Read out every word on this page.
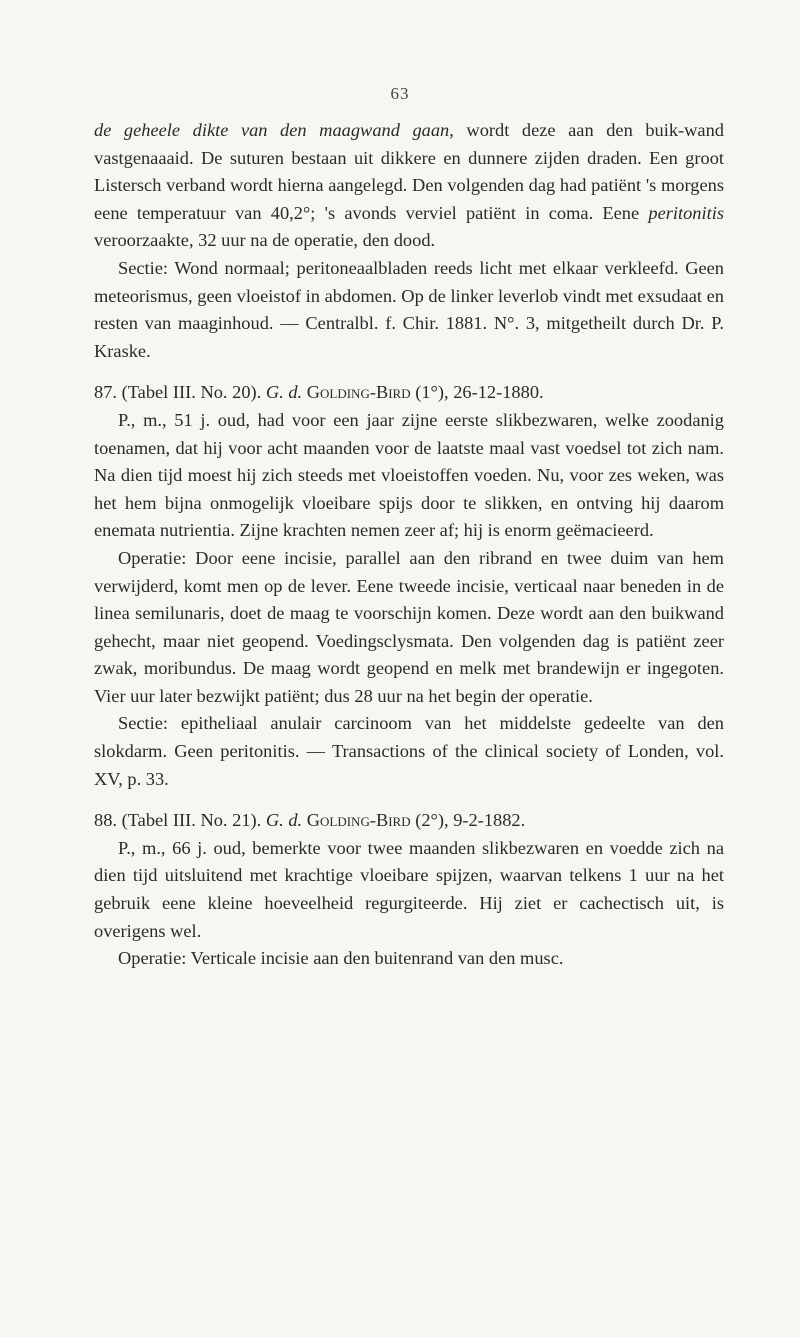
63

de geheele dikte van den maagwand gaan, wordt deze aan den buik-wand vastgenaaaid. De suturen bestaan uit dikkere en dunnere zijden draden. Een groot Listersch verband wordt hierna aangelegd. Den volgenden dag had patiënt 's morgens eene temperatuur van 40,2°; 's avonds verviel patiënt in coma. Eene peritonitis veroorzaakte, 32 uur na de operatie, den dood.

Sectie: Wond normaal; peritoneaalbladen reeds licht met elkaar verkleefd. Geen meteorismus, geen vloeistof in abdomen. Op de linker leverlob vindt met exsudaat en resten van maaginhoud. — Centralbl. f. Chir. 1881. N°. 3, mitgetheilt durch Dr. P. Kraske.

87. (Tabel III. No. 20). G. d. Golding-Bird (1°), 26-12-1880.

P., m., 51 j. oud, had voor een jaar zijne eerste slikbezwaren, welke zoodanig toenamen, dat hij voor acht maanden voor de laatste maal vast voedsel tot zich nam. Na dien tijd moest hij zich steeds met vloeistoffen voeden. Nu, voor zes weken, was het hem bijna onmogelijk vloeibare spijs door te slikken, en ontving hij daarom enemata nutrientia. Zijne krachten nemen zeer af; hij is enorm geëmacieerd.

Operatie: Door eene incisie, parallel aan den ribrand en twee duim van hem verwijderd, komt men op de lever. Eene tweede incisie, verticaal naar beneden in de linea semilunaris, doet de maag te voorschijn komen. Deze wordt aan den buikwand gehecht, maar niet geopend. Voedingsclysmata. Den volgenden dag is patiënt zeer zwak, moribundus. De maag wordt geopend en melk met brandewijn er ingegoten. Vier uur later bezwijkt patiënt; dus 28 uur na het begin der operatie.

Sectie: epitheliaal anulair carcinoom van het middelste gedeelte van den slokdarm. Geen peritonitis. — Transactions of the clinical society of Londen, vol. XV, p. 33.

88. (Tabel III. No. 21). G. d. Golding-Bird (2°), 9-2-1882.

P., m., 66 j. oud, bemerkte voor twee maanden slikbezwaren en voedde zich na dien tijd uitsluitend met krachtige vloeibare spijzen, waarvan telkens 1 uur na het gebruik eene kleine hoeveelheid regurgiteerde. Hij ziet er cachectisch uit, is overigens wel.

Operatie: Verticale incisie aan den buitenrand van den musc.
